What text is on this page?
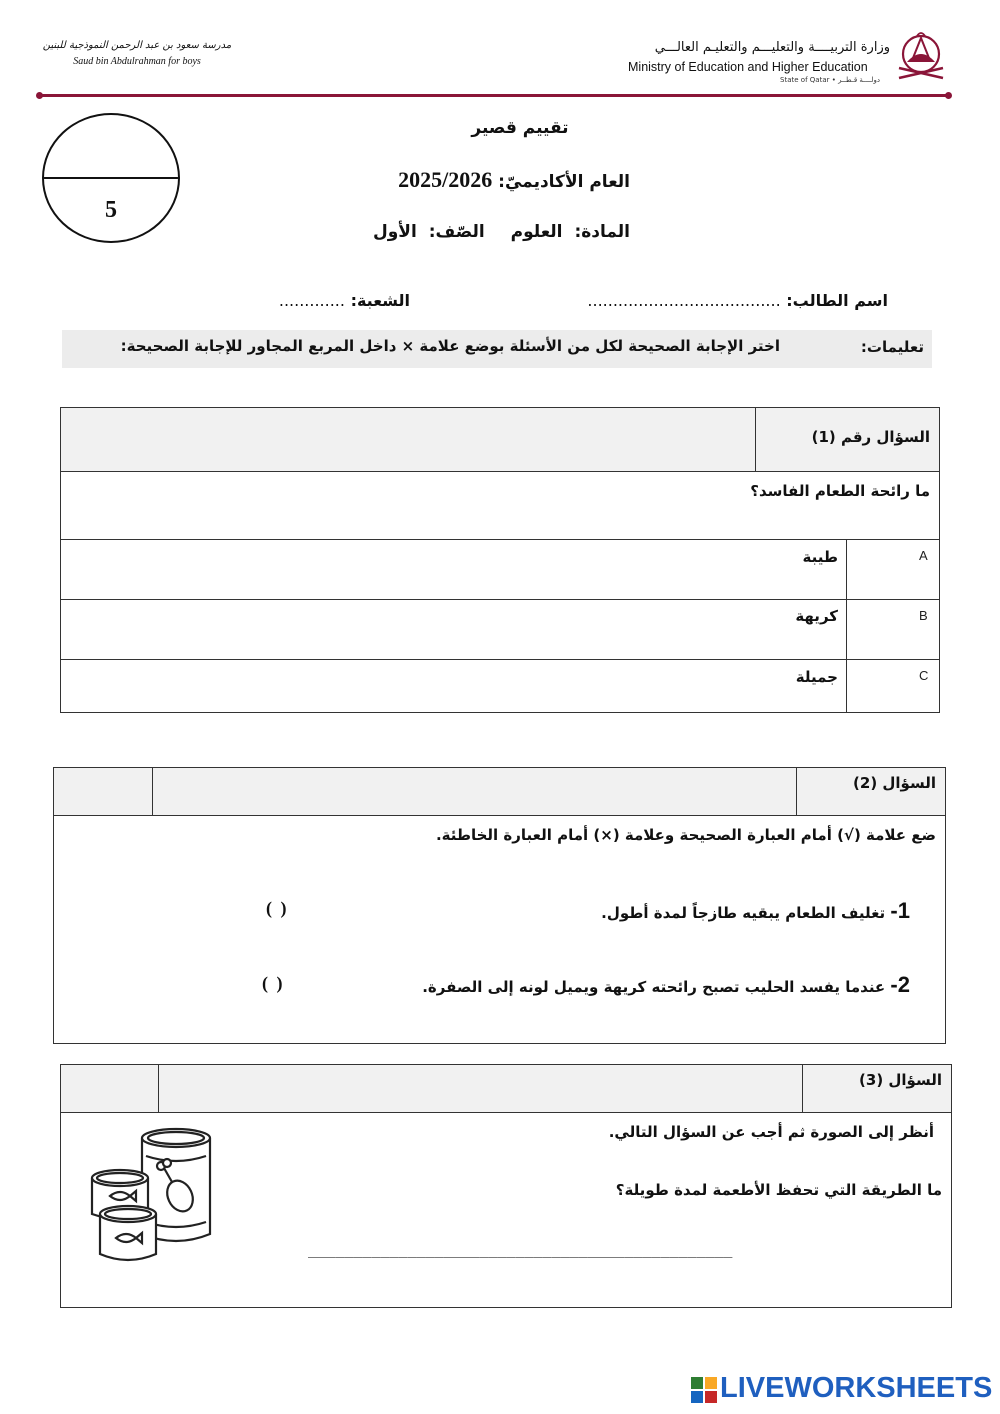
مدرسة سعود بن عبد الرحمن النموذجية للبنين
Saud bin Abdulrahman for boys
وزارة التربيــــة والتعليـــم والتعليـم العالـــي
Ministry of Education and Higher Education
State of Qatar • دولــــة قـطــر
5
تقييم قصير
العام الأكاديميّ: 2025/2026
المادة: العلوم الصّف: الأول
اسم الطالب: ......................................
الشعبة: .............
تعليمات:
اختر الإجابة الصحيحة لكل من الأسئلة بوضع علامة × داخل المربع المجاور للإجابة الصحيحة:
السؤال رقم (1)
ما رائحة الطعام الفاسد؟
A
طيبة
B
كريهة
C
جميلة
السؤال (2)
ضع علامة (√) أمام العبارة الصحيحة وعلامة (×) أمام العبارة الخاطئة.
1- تغليف الطعام يبقيه طازجاً لمدة أطول.
( )
2- عندما يفسد الحليب تصبح رائحته كريهة ويميل لونه إلى الصفرة.
( )
السؤال (3)
أنظر إلى الصورة ثم أجب عن السؤال التالي.
ما الطريقة التي تحفظ الأطعمة لمدة طويلة؟
_______________________________________________
LIVEWORKSHEETS
